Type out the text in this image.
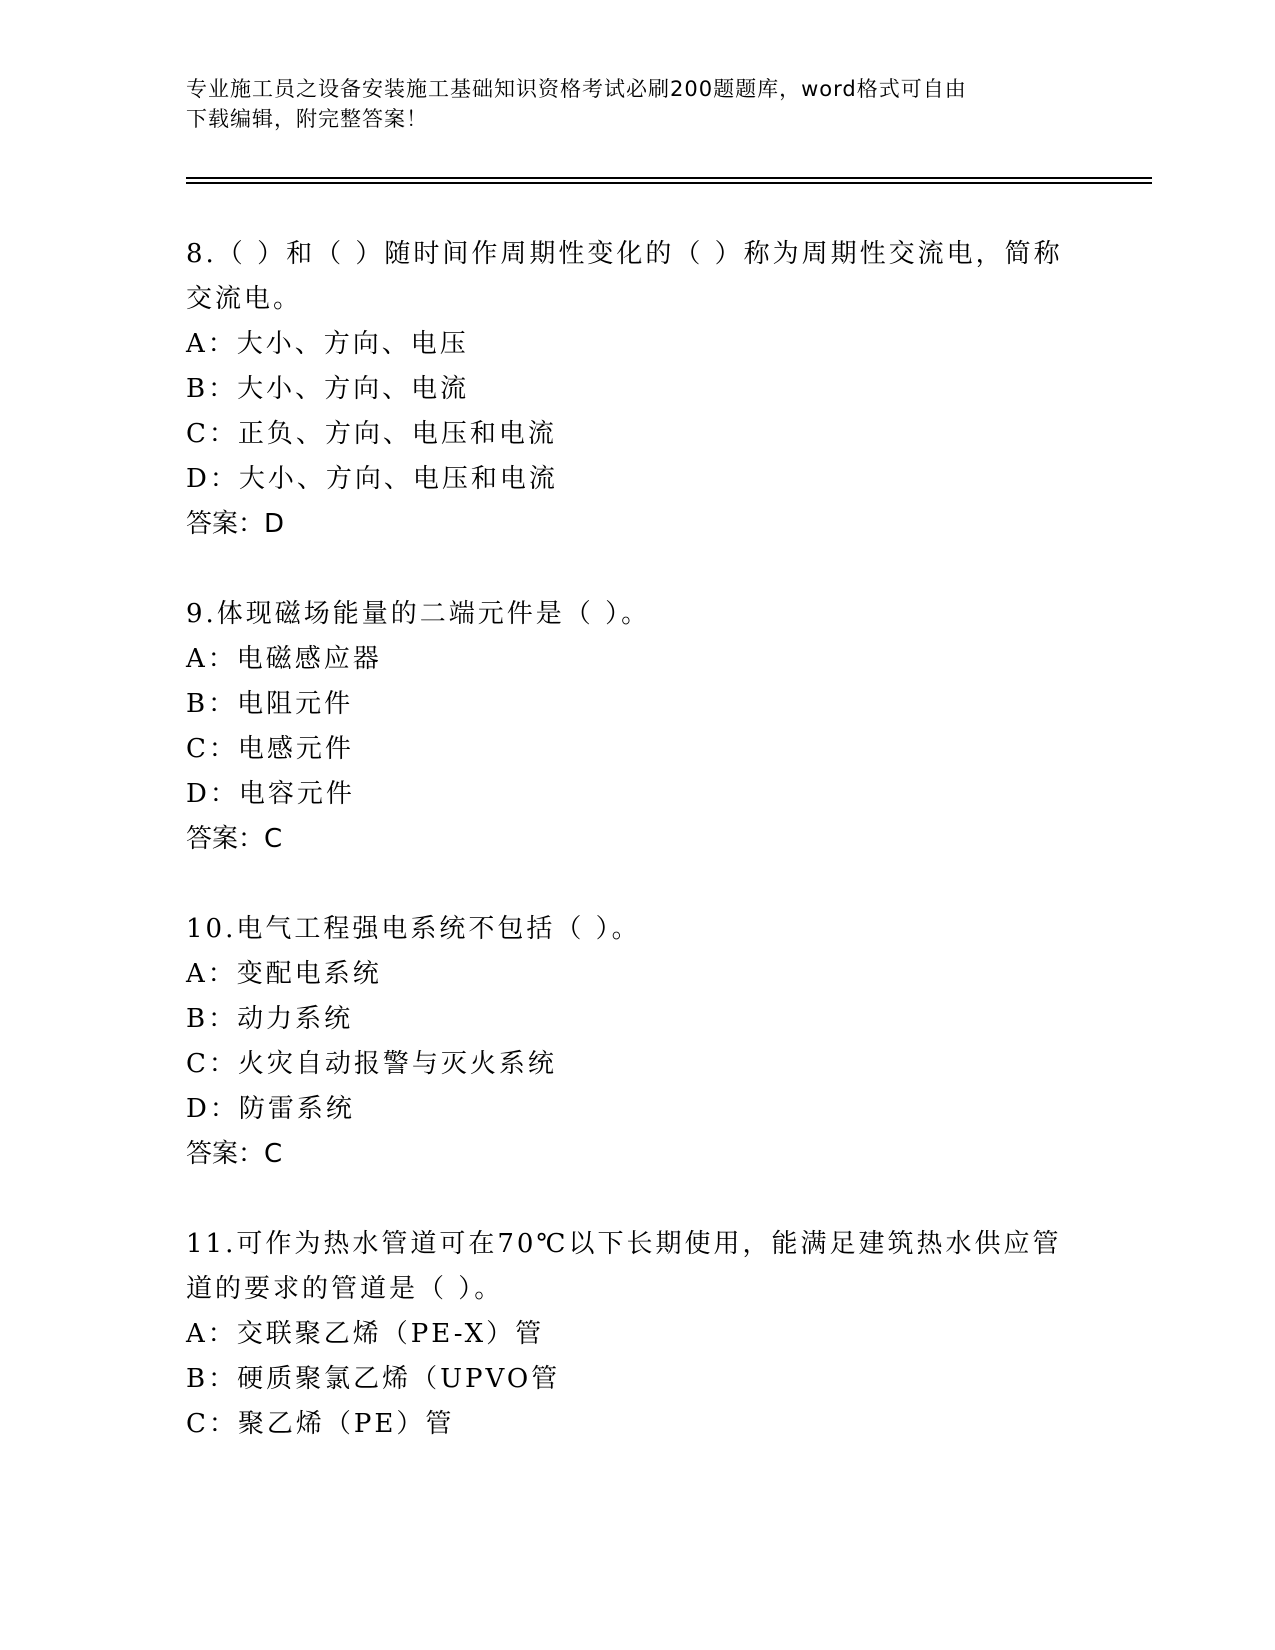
专业施工员之设备安装施工基础知识资格考试必刷200题题库，word格式可自由
下载编辑，附完整答案！
8.（ ）和（ ）随时间作周期性变化的（ ）称为周期性交流电，简称交流电。
A：大小、方向、电压
B：大小、方向、电流
C：正负、方向、电压和电流
D：大小、方向、电压和电流
答案：D
9.体现磁场能量的二端元件是（ ）。
A：电磁感应器
B：电阻元件
C：电感元件
D：电容元件
答案：C
10.电气工程强电系统不包括（ ）。
A：变配电系统
B：动力系统
C：火灾自动报警与灭火系统
D：防雷系统
答案：C
11.可作为热水管道可在70℃以下长期使用，能满足建筑热水供应管道的要求的管道是（ ）。
A：交联聚乙烯（PE-X）管
B：硬质聚氯乙烯（UPVO管
C：聚乙烯（PE）管
